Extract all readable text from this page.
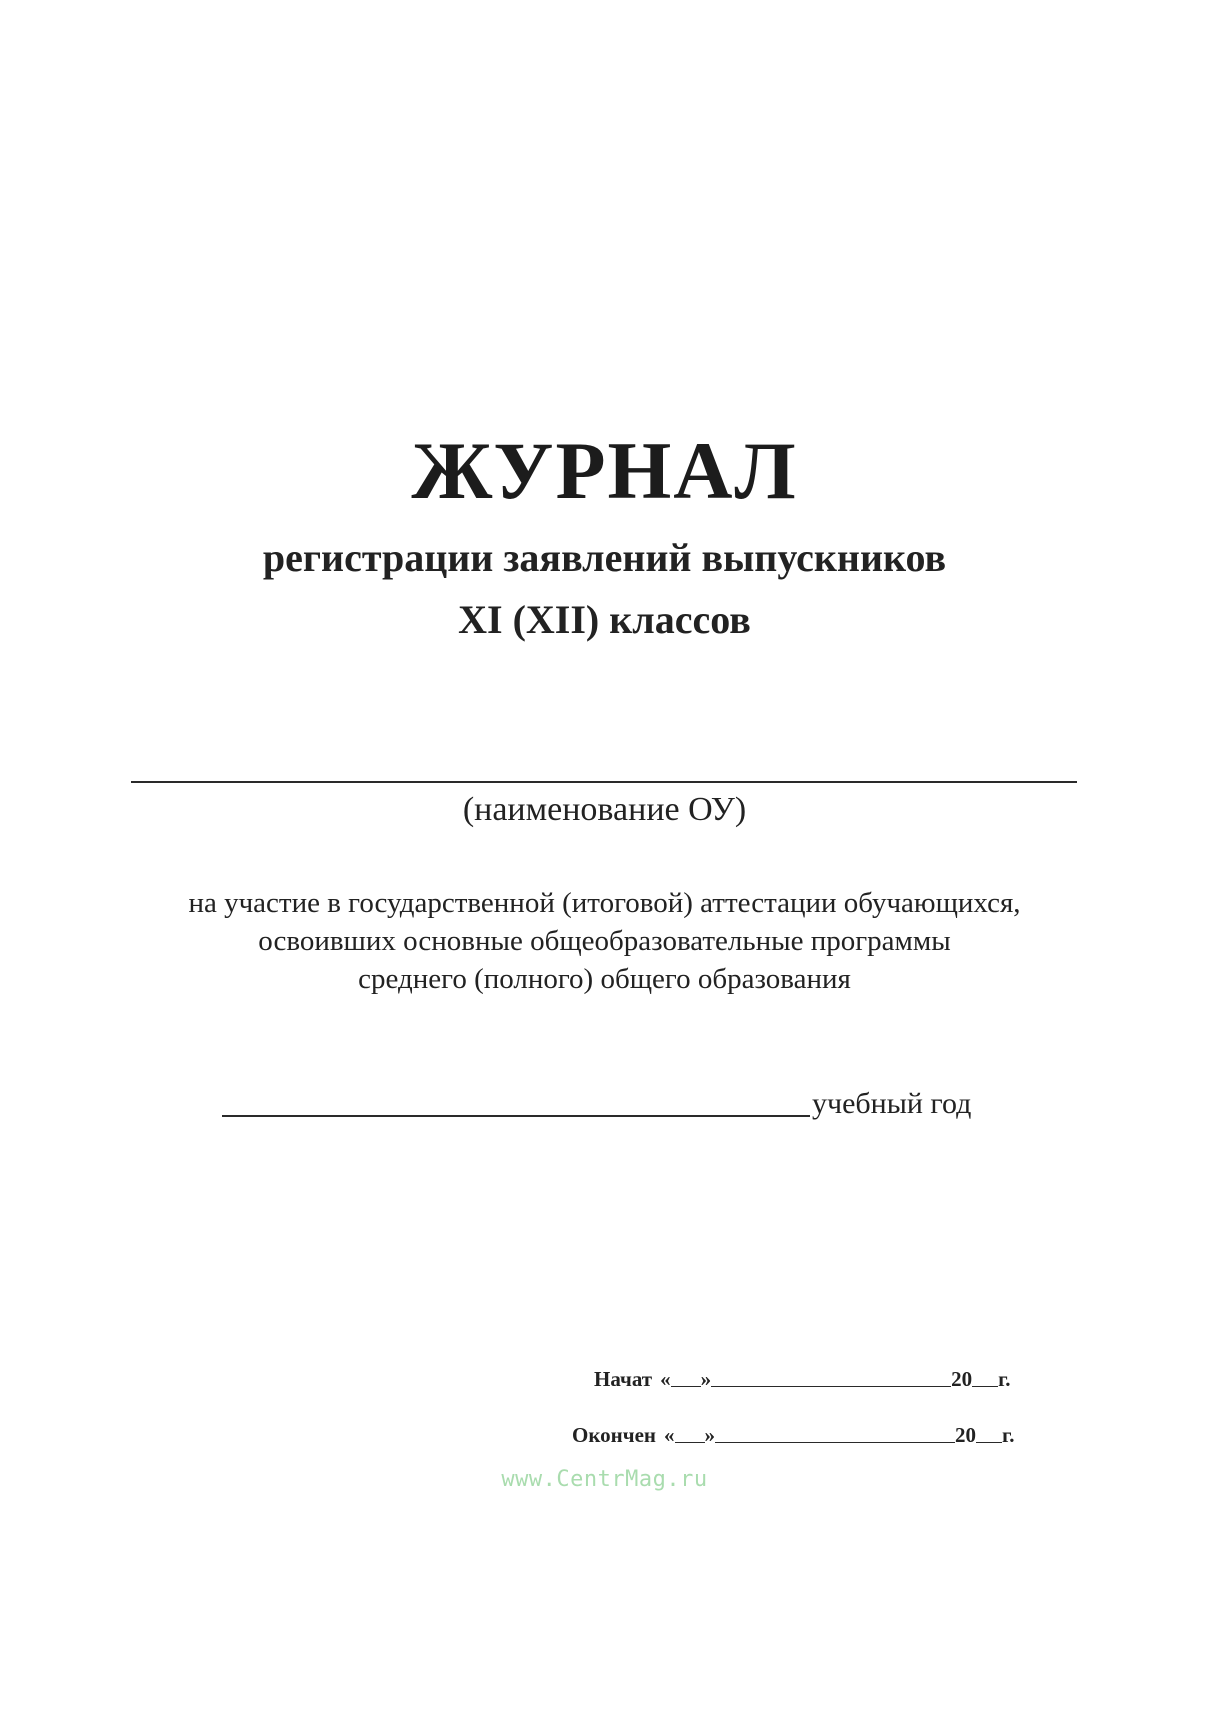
ЖУРНАЛ
регистрации заявлений выпускников
XI (XII) классов
(наименование ОУ)
на участие в государственной (итоговой) аттестации обучающихся,
освоивших основные общеобразовательные программы
среднего (полного) общего образования
учебный год
Начат « »	20 г.
Окончен « »	20 г.
www.CentrMag.ru
